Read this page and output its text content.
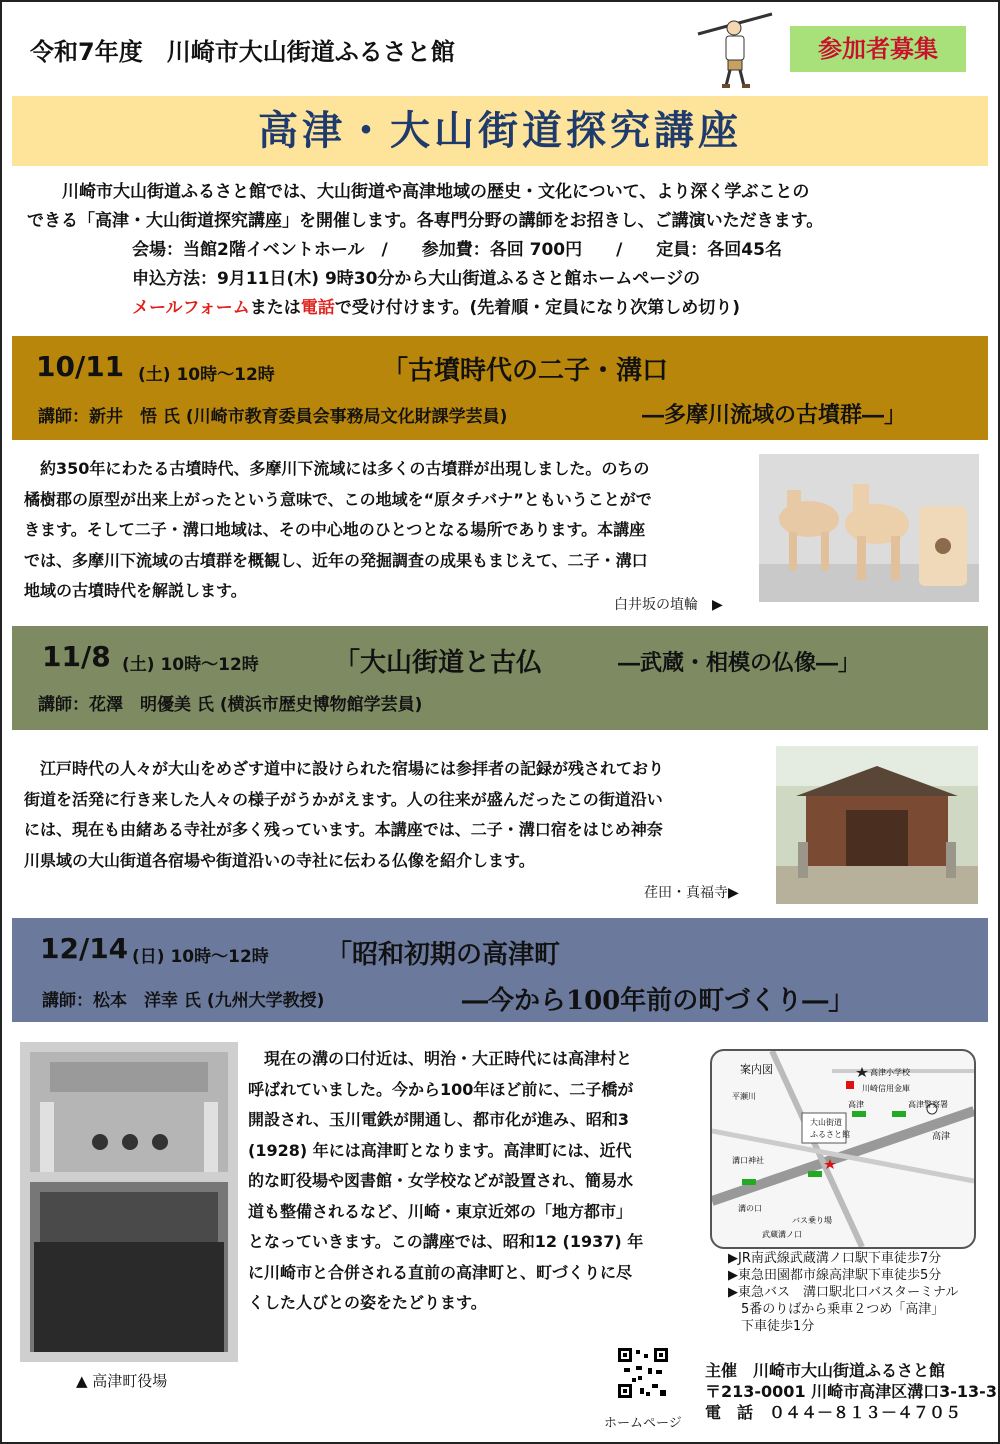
令和7年度　川崎市大山街道ふるさと館	参加者募集
高津・大山街道探究講座
川崎市大山街道ふるさと館では、大山街道や高津地域の歴史・文化について、より深く学ぶことの
できる「高津・大山街道探究講座」を開催します。各専門分野の講師をお招きし、ご講演いただきます。
会場：当館2階イベントホール　/　　参加費：各回 700円　　/　　定員：各回45名
申込方法：9月11日(木) 9時30分から大山街道ふるさと館ホームページの
メールフォームまたは電話で受け付けます。(先着順・定員になり次第しめ切り)
10/11 (土) 10時～12時	「古墳時代の二子・溝口
講師：新井　悟 氏 (川崎市教育委員会事務局文化財課学芸員)	―多摩川流域の古墳群―」
　約350年にわたる古墳時代、多摩川下流域には多くの古墳群が出現しました。のちの
橘樹郡の原型が出来上がったという意味で、この地域を“原タチバナ”ともいうことがで
きます。そして二子・溝口地域は、その中心地のひとつとなる場所であります。本講座
では、多摩川下流域の古墳群を概観し、近年の発掘調査の成果もまじえて、二子・溝口
地域の古墳時代を解説します。
白井坂の埴輪　▶
11/8 (土) 10時～12時	「大山街道と古仏	―武蔵・相模の仏像―」
講師：花澤　明優美 氏 (横浜市歴史博物館学芸員)
　江戸時代の人々が大山をめざす道中に設けられた宿場には参拝者の記録が残されており
街道を活発に行き来した人々の様子がうかがえます。人の往来が盛んだったこの街道沿い
には、現在も由緒ある寺社が多く残っています。本講座では、二子・溝口宿をはじめ神奈
川県域の大山街道各宿場や街道沿いの寺社に伝わる仏像を紹介します。
荏田・真福寺▶
12/14 (日) 10時～12時 「昭和初期の高津町
講師：松本　洋幸 氏 (九州大学教授)	―今から100年前の町づくり―」
▲ 高津町役場
　現在の溝の口付近は、明治・大正時代には高津村と
呼ばれていました。今から100年ほど前に、二子橋が
開設され、玉川電鉄が開通し、都市化が進み、昭和3
(1928) 年には高津町となります。高津町には、近代
的な町役場や図書館・女学校などが設置され、簡易水
道も整備されるなど、川崎・東京近郊の「地方都市」
となっていきます。この講座では、昭和12 (1937) 年
に川崎市と合併される直前の高津町と、町づくりに尽
くした人びとの姿をたどります。
案内図	高津小学校
川崎信用金庫
高津警察署
大山街道
ふるさと館
高津
高津
溝口神社
溝の口
バス乗り場
武蔵溝ノ口
平瀬川
▶JR南武線武蔵溝ノ口駅下車徒歩7分
▶東急田園都市線高津駅下車徒歩5分
▶東急バス　溝口駅北口バスターミナル
　5番のりばから乗車２つめ「高津」
　下車徒歩1分
ホームページ
主催　川崎市大山街道ふるさと館
〒213-0001 川崎市高津区溝口3-13-3
電　話　０４４－８１３－４７０５
